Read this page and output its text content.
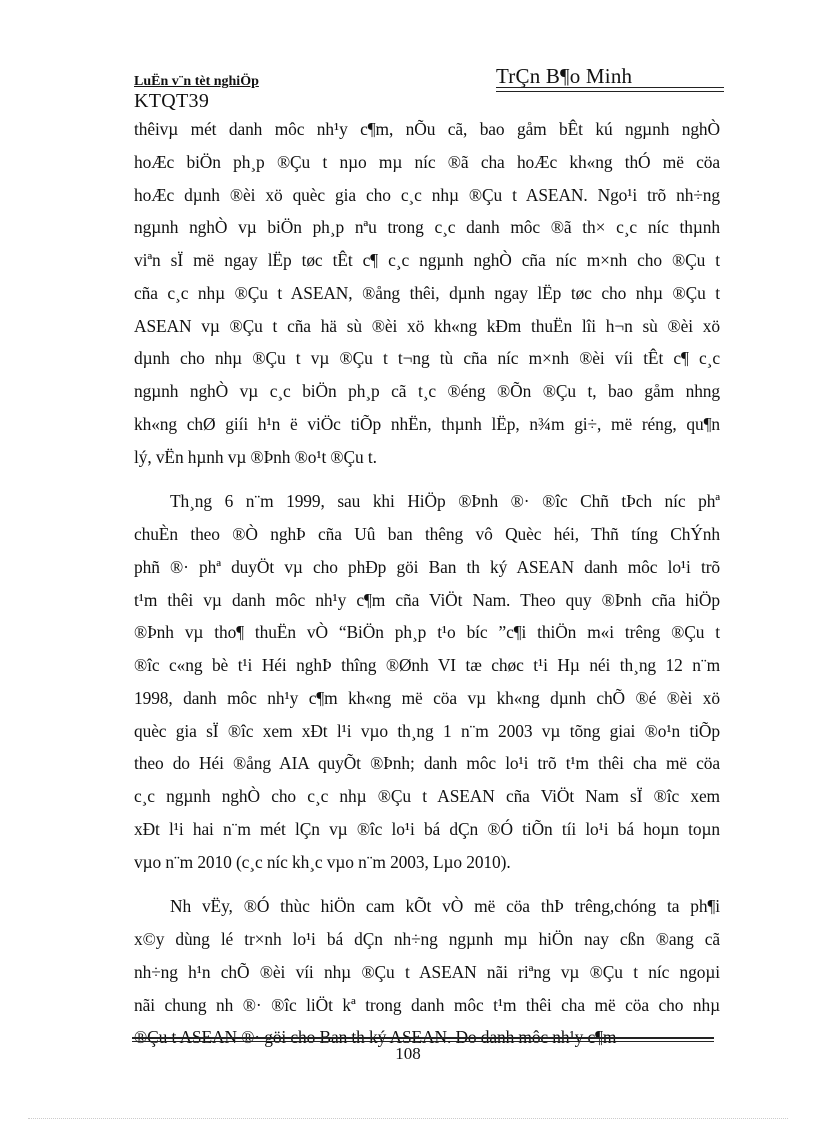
LuËn v¨n tèt nghiÖp	TrÇn B¶o Minh
KTQT39
thêivµ mét danh môc nh¹y c¶m, nÕu cã, bao gåm bÊt kú ngµnh nghÒ
hoÆc biÖn ph¸p ®Çu t nµo mµ níc ®ã cha hoÆc kh«ng thÓ më cöa
hoÆc dµnh ®èi xö quèc gia cho c¸c nhµ ®Çu t ASEAN. Ngo¹i trõ nh÷ng
ngµnh nghÒ vµ biÖn ph¸p nªu trong c¸c danh môc ®ã th× c¸c níc thµnh
viªn sÏ më ngay lËp tøc tÊt c¶ c¸c ngµnh nghÒ cña níc m×nh cho ®Çu t
cña c¸c nhµ ®Çu t ASEAN, ®ång thêi, dµnh ngay lËp tøc cho nhµ ®Çu t
ASEAN vµ ®Çu t cña hä sù ®èi xö kh«ng kÐm thuËn lîi h¬n sù ®èi xö
dµnh cho nhµ ®Çu t vµ ®Çu t t¬ng tù cña níc m×nh ®èi víi tÊt c¶ c¸c
ngµnh nghÒ vµ c¸c biÖn ph¸p cã t¸c ®éng ®Õn ®Çu t, bao gåm nhng
kh«ng chØ giíi h¹n ë viÖc tiÕp nhËn, thµnh lËp, n¾m gi÷, më réng, qu¶n
lý, vËn hµnh vµ ®Þnh ®o¹t ®Çu t.
Th¸ng 6 n¨m 1999, sau khi HiÖp ®Þnh ®· ®îc Chñ tÞch níc phª
chuÈn theo ®Ò nghÞ cña Uû ban thêng vô Quèc héi, Thñ tíng ChÝnh
phñ ®· phª duyÖt vµ cho phÐp göi Ban th ký ASEAN danh môc lo¹i trõ
t¹m thêi vµ danh môc nh¹y c¶m cña ViÖt Nam. Theo quy ®Þnh cña hiÖp
®Þnh vµ tho¶ thuËn vÒ “BiÖn ph¸p t¹o bíc ”c¶i thiÖn m«i trêng ®Çu t
®îc c«ng bè t¹i Héi nghÞ thîng ®Ønh VI tæ chøc t¹i Hµ néi th¸ng 12 n¨m
1998, danh môc nh¹y c¶m kh«ng më cöa vµ kh«ng dµnh chÕ ®é ®èi xö
quèc gia sÏ ®îc xem xÐt l¹i vµo th¸ng 1 n¨m 2003 vµ tõng giai ®o¹n tiÕp
theo do Héi ®ång AIA quyÕt ®Þnh; danh môc lo¹i trõ t¹m thêi cha më cöa
c¸c ngµnh nghÒ cho c¸c nhµ ®Çu t ASEAN cña ViÖt Nam sÏ ®îc xem
xÐt l¹i hai n¨m mét lÇn vµ ®îc lo¹i bá dÇn ®Ó tiÕn tíi lo¹i bá hoµn toµn
vµo n¨m 2010 (c¸c níc kh¸c vµo n¨m 2003, Lµo 2010).
Nh vËy, ®Ó thùc hiÖn cam kÕt vÒ më cöa thÞ trêng,chóng ta ph¶i
x©y dùng lé tr×nh lo¹i bá dÇn nh÷ng ngµnh mµ hiÖn nay cßn ®ang cã
nh÷ng h¹n chÕ ®èi víi nhµ ®Çu t ASEAN nãi riªng vµ ®Çu t níc ngoµi
nãi chung nh ®· ®îc liÖt kª trong danh môc t¹m thêi cha më cöa cho nhµ
®Çu t ASEAN ®· göi cho Ban th ký ASEAN. Do danh môc nh¹y c¶m
108
